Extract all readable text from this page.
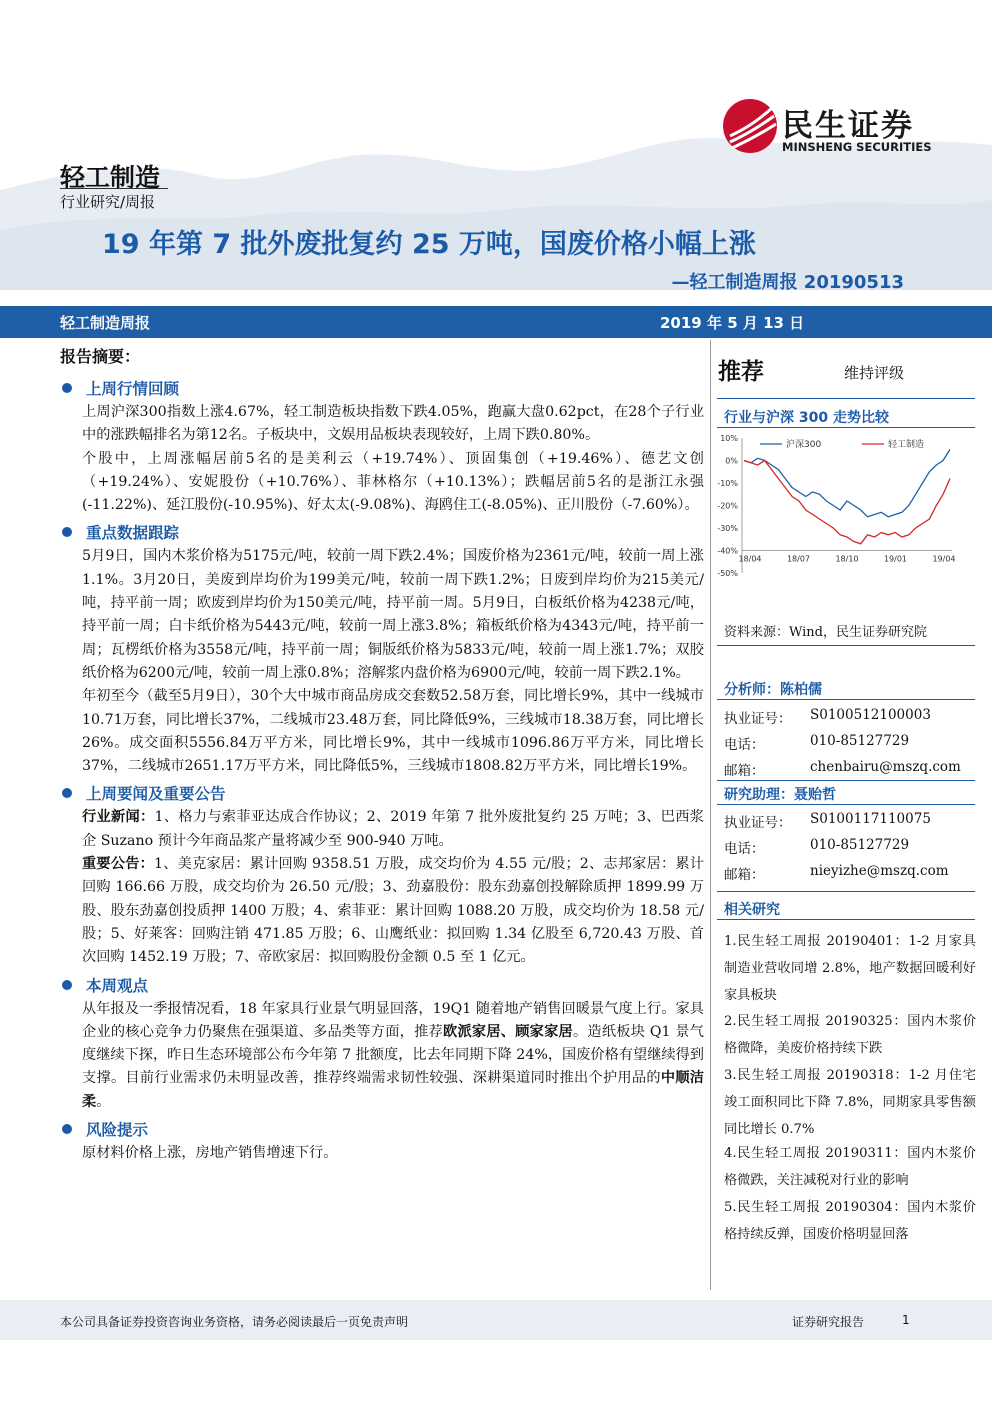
民生证券
MINSHENG SECURITIES
轻工制造
行业研究/周报
19 年第 7 批外废批复约 25 万吨，国废价格小幅上涨
—轻工制造周报 20190513
轻工制造周报	2019 年 5 月 13 日
报告摘要：
上周行情回顾

上周沪深300指数上涨4.67%，轻工制造板块指数下跌4.05%，跑赢大盘0.62pct，在28个子行业中的涨跌幅排名为第12名。子板块中，文娱用品板块表现较好，上周下跌0.80%。

个股中，上周涨幅居前5名的是美利云（+19.74%）、顶固集创（+19.46%）、德艺文创（+19.24%）、安妮股份（+10.76%）、菲林格尔（+10.13%）；跌幅居前5名的是浙江永强(-11.22%)、延江股份(-10.95%)、好太太(-9.08%)、海鸥住工(-8.05%)、正川股份（-7.60%）。

重点数据跟踪

5月9日，国内木浆价格为5175元/吨，较前一周下跌2.4%；国废价格为2361元/吨，较前一周上涨1.1%。3月20日，美废到岸均价为199美元/吨，较前一周下跌1.2%；日废到岸均价为215美元/吨，持平前一周；欧废到岸均价为150美元/吨，持平前一周。5月9日，白板纸价格为4238元/吨，持平前一周；白卡纸价格为5443元/吨，较前一周上涨3.8%；箱板纸价格为4343元/吨，持平前一周；瓦楞纸价格为3558元/吨，持平前一周；铜版纸价格为5833元/吨，较前一周上涨1.7%；双胶纸价格为6200元/吨，较前一周上涨0.8%；溶解浆内盘价格为6900元/吨，较前一周下跌2.1%。

年初至今（截至5月9日），30个大中城市商品房成交套数52.58万套，同比增长9%，其中一线城市10.71万套，同比增长37%，二线城市23.48万套，同比降低9%，三线城市18.38万套，同比增长26%。成交面积5556.84万平方米，同比增长9%，其中一线城市1096.86万平方米，同比增长37%，二线城市2651.17万平方米，同比降低5%，三线城市1808.82万平方米，同比增长19%。

上周要闻及重要公告

行业新闻：1、格力与索菲亚达成合作协议；2、2019 年第 7 批外废批复约 25 万吨；3、巴西浆企 Suzano 预计今年商品浆产量将减少至 900-940 万吨。

重要公告：1、美克家居：累计回购 9358.51 万股，成交均价为 4.55 元/股；2、志邦家居：累计回购 166.66 万股，成交均价为 26.50 元/股；3、劲嘉股份：股东劲嘉创投解除质押 1899.99 万股、股东劲嘉创投质押 1400 万股；4、索菲亚：累计回购 1088.20 万股，成交均价为 18.58 元/股；5、好莱客：回购注销 471.85 万股；6、山鹰纸业：拟回购 1.34 亿股至 6,720.43 万股、首次回购 1452.19 万股；7、帝欧家居：拟回购股份金额 0.5 至 1 亿元。

本周观点

从年报及一季报情况看，18 年家具行业景气明显回落，19Q1 随着地产销售回暖景气度上行。家具企业的核心竞争力仍聚焦在强渠道、多品类等方面，推荐欧派家居、顾家家居。造纸板块 Q1 景气度继续下探，昨日生态环境部公布今年第 7 批额度，比去年同期下降 24%，国废价格有望继续得到支撑。目前行业需求仍未明显改善，推荐终端需求韧性较强、深耕渠道同时推出个护用品的中顺洁柔。

风险提示

原材料价格上涨，房地产销售增速下行。

推荐	维持评级
行业与沪深 300 走势比较
10%
0%
-10%
-20%
-30%
-40%
-50%
18/04	18/07	18/10	19/01	19/04
沪深300	轻工制造
资料来源：Wind，民生证券研究院
分析师：陈柏儒
执业证号： S0100512100003
电话：	010-85127729
邮箱：	chenbairu@mszq.com
研究助理：聂贻哲
执业证号： S0100117110075
电话：	010-85127729
邮箱：	nieyizhe@mszq.com
相关研究
1.民生轻工周报 20190401：1-2 月家具制造业营收同增 2.8%，地产数据回暖利好家具板块
2.民生轻工周报 20190325：国内木浆价格微降，美废价格持续下跌
3.民生轻工周报 20190318：1-2 月住宅竣工面积同比下降 7.8%，同期家具零售额同比增长 0.7%
4.民生轻工周报 20190311：国内木浆价格微跌，关注减税对行业的影响
5.民生轻工周报 20190304：国内木浆价格持续反弹，国废价格明显回落
本公司具备证券投资咨询业务资格，请务必阅读最后一页免责声明	证券研究报告	1
